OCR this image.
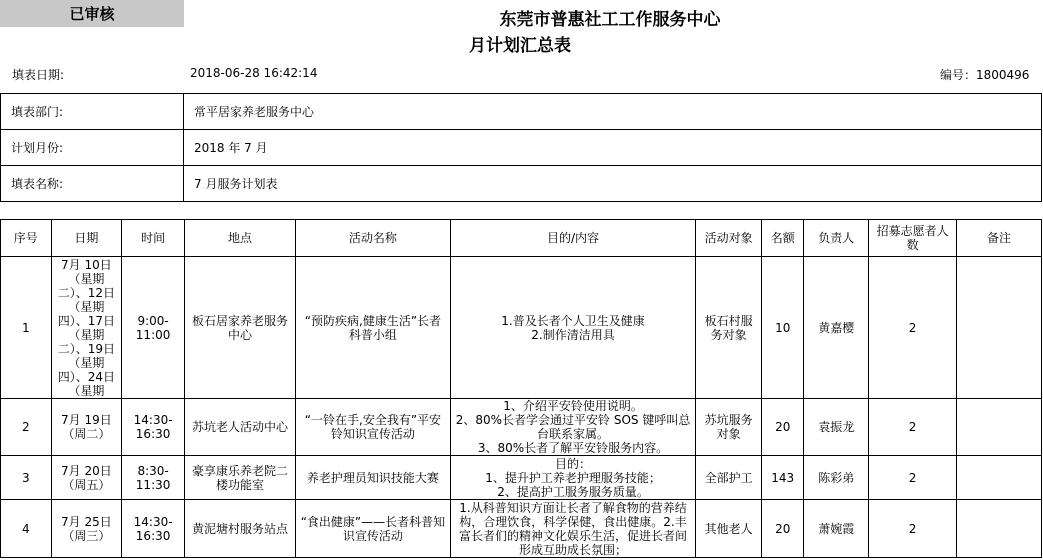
已审核	东莞市普惠社工工作服务中心
月计划汇总表
填表日期:	2018-06-28 16:42:14	编号：1800496
填表部门:	常平居家养老服务中心
计划月份:	2018 年 7 月
填表名称:	7 月服务计划表
序号	日期	时间	地点	活动名称	目的/内容	活动对象	名额	负责人	招募志愿者人数	备注
1	7月 10日（星期二）、12日（星期四）、17日（星期二）、19日（星期四）、24日（星期	9:00-11:00	板石居家养老服务中心	“预防疾病,健康生活”长者科普小组	1.普及长者个人卫生及健康
2.制作清洁用具	板石村服务对象	10	黄嘉樱	2	
2	7月 19日（周二）	14:30-16:30	苏坑老人活动中心	“一铃在手,安全我有”平安铃知识宣传活动	1、介绍平安铃使用说明。
2、80%长者学会通过平安铃 SOS 键呼叫总台联系家属。
3、80%长者了解平安铃服务内容。	苏坑服务对象	20	袁振龙	2	
3	7月 20日（周五）	8:30-11:30	豪享康乐养老院二楼功能室	养老护理员知识技能大赛	目的：
1、提升护工养老护理服务技能；
2、提高护工服务服务质量。	全部护工	143	陈彩弟	2	
4	7月 25日（周三）	14:30-16:30	黄泥塘村服务站点	“食出健康”——长者科普知识宣传活动	1.从科普知识方面让长者了解食物的营养结构，合理饮食，科学保健，食出健康。2.丰富长者们的精神文化娱乐生活，促进长者间形成互助成长氛围；	其他老人	20	萧婉霞	2	
